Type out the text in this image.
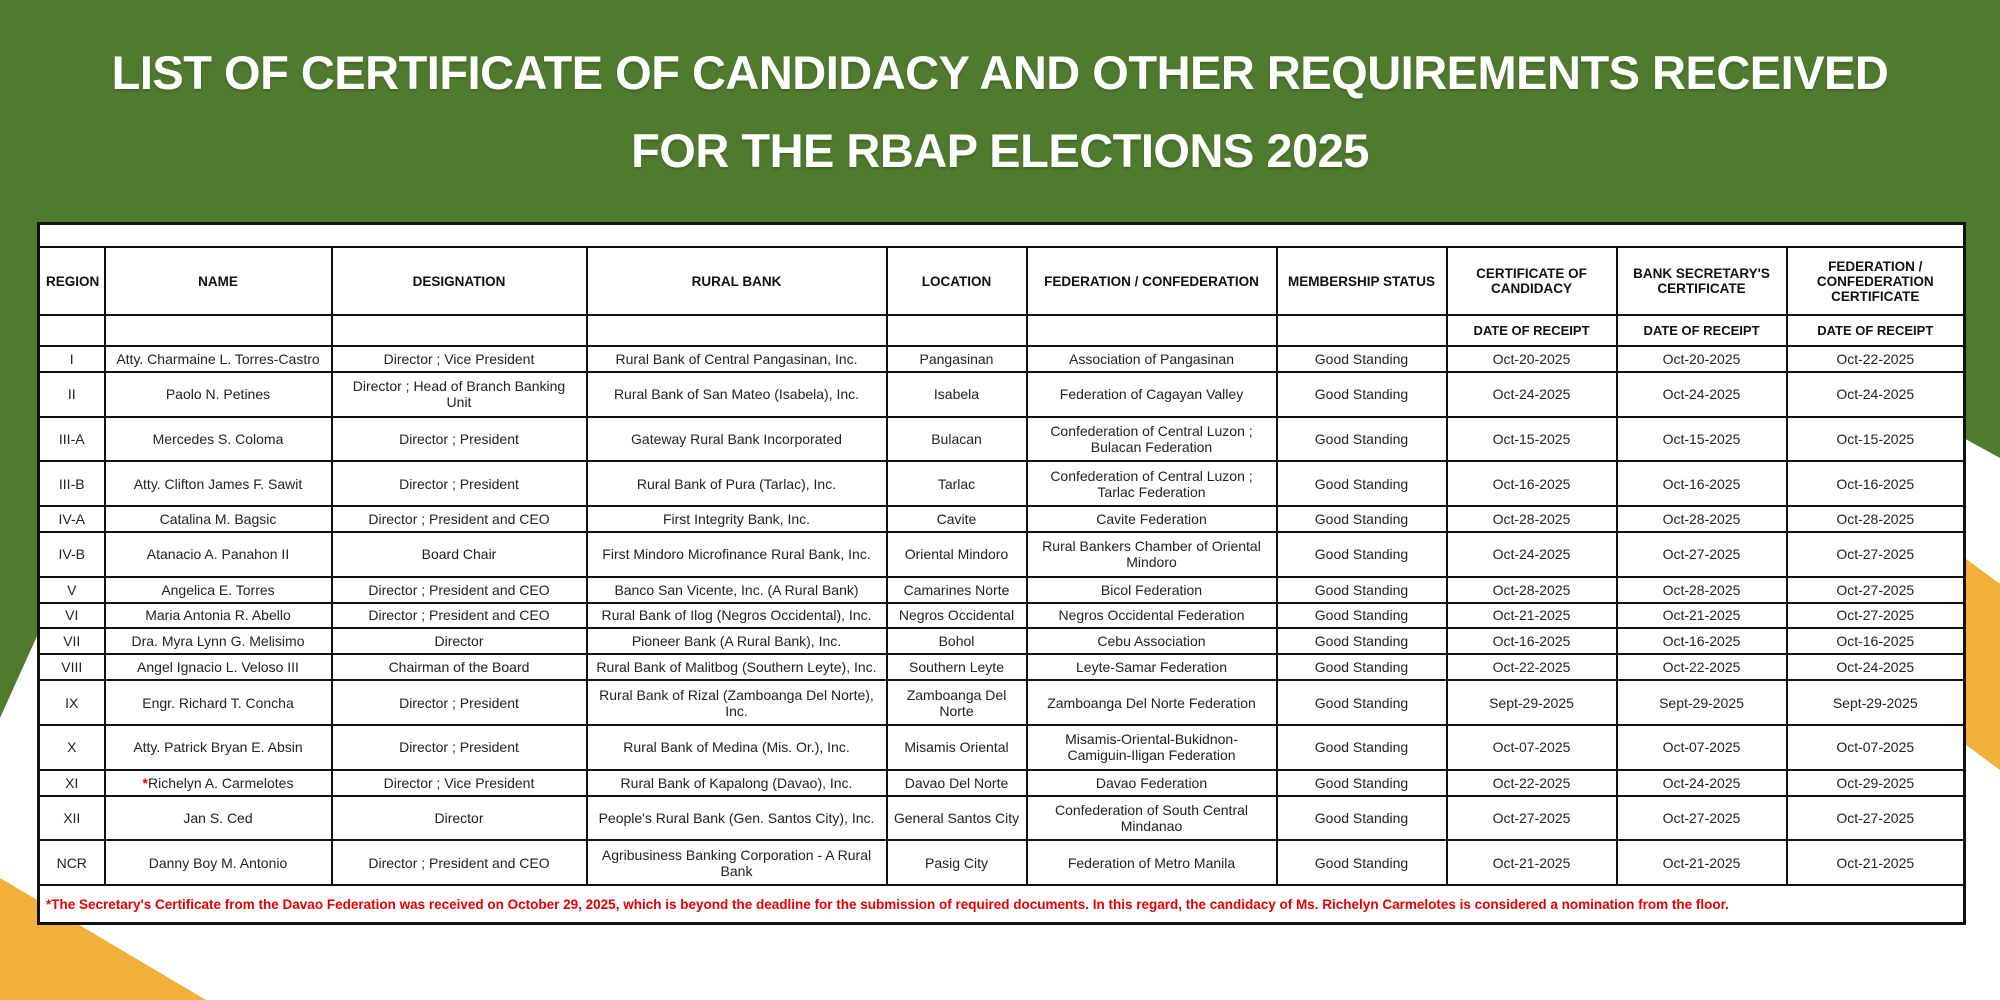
LIST OF CERTIFICATE OF CANDIDACY AND OTHER REQUIREMENTS RECEIVED
FOR THE RBAP ELECTIONS 2025

REGION	NAME	DESIGNATION	RURAL BANK	LOCATION	FEDERATION / CONFEDERATION	MEMBERSHIP STATUS	CERTIFICATE OF CANDIDACY	BANK SECRETARY'S CERTIFICATE	FEDERATION / CONFEDERATION CERTIFICATE
							DATE OF RECEIPT	DATE OF RECEIPT	DATE OF RECEIPT
I	Atty. Charmaine L. Torres-Castro	Director ; Vice President	Rural Bank of Central Pangasinan, Inc.	Pangasinan	Association of Pangasinan	Good Standing	Oct-20-2025	Oct-20-2025	Oct-22-2025
II	Paolo N. Petines	Director ; Head of Branch Banking Unit	Rural Bank of San Mateo (Isabela), Inc.	Isabela	Federation of Cagayan Valley	Good Standing	Oct-24-2025	Oct-24-2025	Oct-24-2025
III-A	Mercedes S. Coloma	Director ; President	Gateway Rural Bank Incorporated	Bulacan	Confederation of Central Luzon ; Bulacan Federation	Good Standing	Oct-15-2025	Oct-15-2025	Oct-15-2025
III-B	Atty. Clifton James F. Sawit	Director ; President	Rural Bank of Pura (Tarlac), Inc.	Tarlac	Confederation of Central Luzon ; Tarlac Federation	Good Standing	Oct-16-2025	Oct-16-2025	Oct-16-2025
IV-A	Catalina M. Bagsic	Director ; President and CEO	First Integrity Bank, Inc.	Cavite	Cavite Federation	Good Standing	Oct-28-2025	Oct-28-2025	Oct-28-2025
IV-B	Atanacio A. Panahon II	Board Chair	First Mindoro Microfinance Rural Bank, Inc.	Oriental Mindoro	Rural Bankers Chamber of Oriental Mindoro	Good Standing	Oct-24-2025	Oct-27-2025	Oct-27-2025
V	Angelica E. Torres	Director ; President and CEO	Banco San Vicente, Inc. (A Rural Bank)	Camarines Norte	Bicol Federation	Good Standing	Oct-28-2025	Oct-28-2025	Oct-27-2025
VI	Maria Antonia R. Abello	Director ; President and CEO	Rural Bank of Ilog (Negros Occidental), Inc.	Negros Occidental	Negros Occidental Federation	Good Standing	Oct-21-2025	Oct-21-2025	Oct-27-2025
VII	Dra. Myra Lynn G. Melisimo	Director	Pioneer Bank (A Rural Bank), Inc.	Bohol	Cebu Association	Good Standing	Oct-16-2025	Oct-16-2025	Oct-16-2025
VIII	Angel Ignacio L. Veloso III	Chairman of the Board	Rural Bank of Malitbog (Southern Leyte), Inc.	Southern Leyte	Leyte-Samar Federation	Good Standing	Oct-22-2025	Oct-22-2025	Oct-24-2025
IX	Engr. Richard T. Concha	Director ; President	Rural Bank of Rizal (Zamboanga Del Norte), Inc.	Zamboanga Del Norte	Zamboanga Del Norte Federation	Good Standing	Sept-29-2025	Sept-29-2025	Sept-29-2025
X	Atty. Patrick Bryan E. Absin	Director ; President	Rural Bank of Medina (Mis. Or.), Inc.	Misamis Oriental	Misamis-Oriental-Bukidnon-Camiguin-Iligan Federation	Good Standing	Oct-07-2025	Oct-07-2025	Oct-07-2025
XI	*Richelyn A. Carmelotes	Director ; Vice President	Rural Bank of Kapalong (Davao), Inc.	Davao Del Norte	Davao Federation	Good Standing	Oct-22-2025	Oct-24-2025	Oct-29-2025
XII	Jan S. Ced	Director	People's Rural Bank (Gen. Santos City), Inc.	General Santos City	Confederation of South Central Mindanao	Good Standing	Oct-27-2025	Oct-27-2025	Oct-27-2025
NCR	Danny Boy M. Antonio	Director ; President and CEO	Agribusiness Banking Corporation - A Rural Bank	Pasig City	Federation of Metro Manila	Good Standing	Oct-21-2025	Oct-21-2025	Oct-21-2025
*The Secretary's Certificate from the Davao Federation was received on October 29, 2025, which is beyond the deadline for the submission of required documents. In this regard, the candidacy of Ms. Richelyn Carmelotes is considered a nomination from the floor.									
